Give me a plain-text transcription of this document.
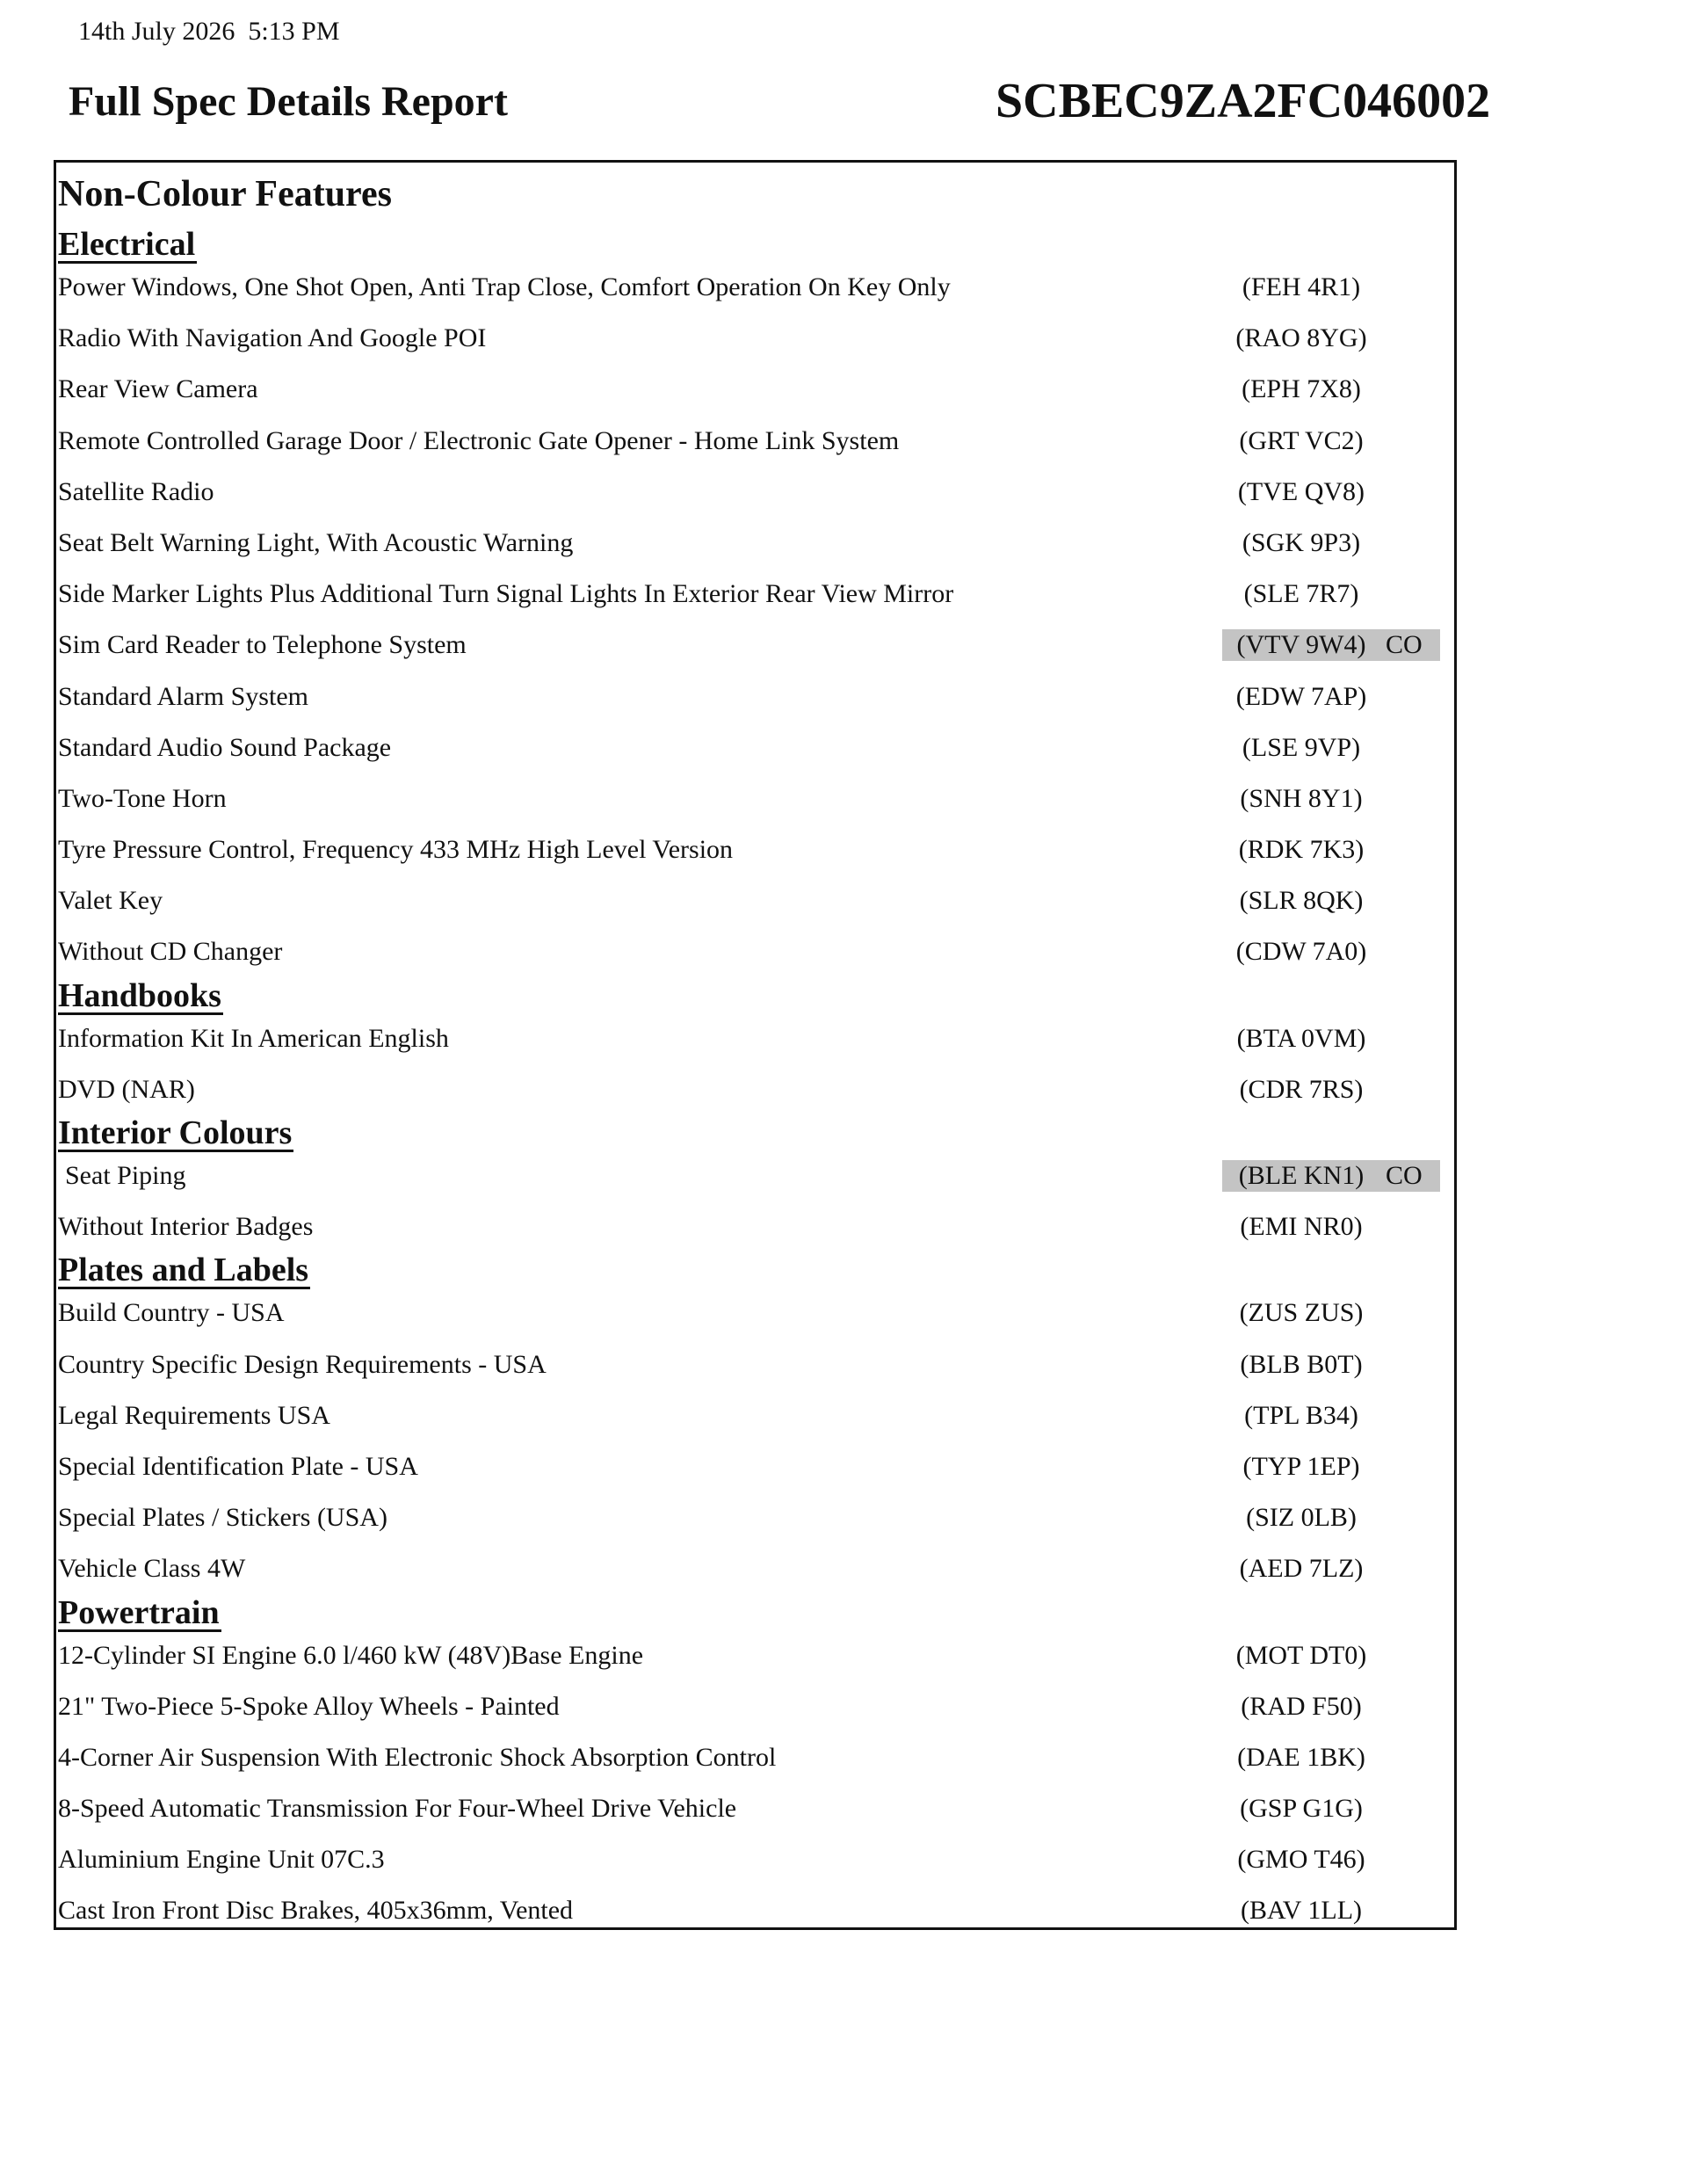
14th July 2026  5:13 PM
Full Spec Details Report	SCBEC9ZA2FC046002
Non-Colour Features
Electrical
Power Windows, One Shot Open, Anti Trap Close, Comfort Operation On Key Only	(FEH 4R1)
Radio With Navigation And Google POI	(RAO 8YG)
Rear View Camera	(EPH 7X8)
Remote Controlled Garage Door / Electronic Gate Opener - Home Link System	(GRT VC2)
Satellite Radio	(TVE QV8)
Seat Belt Warning Light, With Acoustic Warning	(SGK 9P3)
Side Marker Lights Plus Additional Turn Signal Lights In Exterior Rear View Mirror	(SLE 7R7)
Sim Card Reader to Telephone System	(VTV 9W4) CO
Standard Alarm System	(EDW 7AP)
Standard Audio Sound Package	(LSE 9VP)
Two-Tone Horn	(SNH 8Y1)
Tyre Pressure Control, Frequency 433 MHz High Level Version	(RDK 7K3)
Valet Key	(SLR 8QK)
Without CD Changer	(CDW 7A0)
Handbooks
Information Kit In American English	(BTA 0VM)
DVD (NAR)	(CDR 7RS)
Interior Colours
Seat Piping	(BLE KN1) CO
Without Interior Badges	(EMI NR0)
Plates and Labels
Build Country - USA	(ZUS ZUS)
Country Specific Design Requirements - USA	(BLB B0T)
Legal Requirements USA	(TPL B34)
Special Identification Plate - USA	(TYP 1EP)
Special Plates / Stickers (USA)	(SIZ 0LB)
Vehicle Class 4W	(AED 7LZ)
Powertrain
12-Cylinder SI Engine 6.0 l/460 kW (48V)Base Engine	(MOT DT0)
21" Two-Piece 5-Spoke Alloy Wheels - Painted	(RAD F50)
4-Corner Air Suspension With Electronic Shock Absorption Control	(DAE 1BK)
8-Speed Automatic Transmission For Four-Wheel Drive Vehicle	(GSP G1G)
Aluminium Engine Unit 07C.3	(GMO T46)
Cast Iron Front Disc Brakes, 405x36mm, Vented	(BAV 1LL)
